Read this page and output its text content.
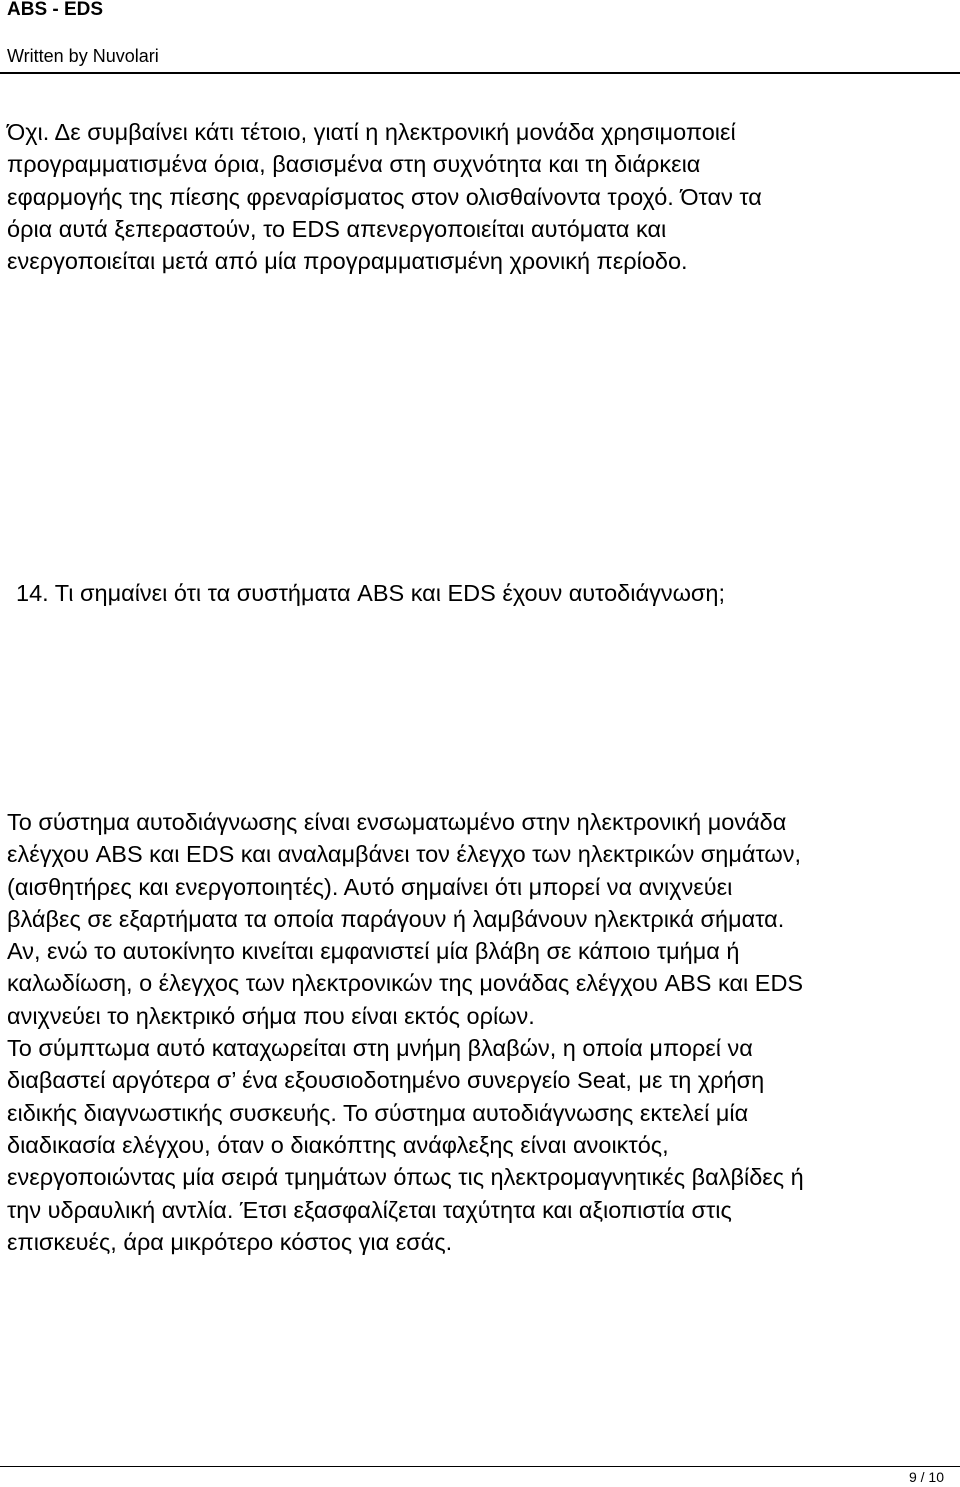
ABS - EDS
Written by Nuvolari
Όχι. Δε συμβαίνει κάτι τέτοιο, γιατί η ηλεκτρονική μονάδα χρησιμοποιεί
προγραμματισμένα όρια, βασισμένα στη συχνότητα και τη διάρκεια
εφαρμογής της πίεσης φρεναρίσματος στον ολισθαίνοντα τροχό. Όταν τα
όρια αυτά ξεπεραστούν, το EDS απενεργοποιείται αυτόματα και
ενεργοποιείται μετά από μία προγραμματισμένη χρονική περίοδο.
14. Τι σημαίνει ότι τα συστήματα ABS και EDS έχουν αυτοδιάγνωση;
Το σύστημα αυτοδιάγνωσης είναι ενσωματωμένο στην ηλεκτρονική μονάδα
ελέγχου ABS και EDS και αναλαμβάνει τον έλεγχο των ηλεκτρικών σημάτων,
(αισθητήρες και ενεργοποιητές). Αυτό σημαίνει ότι μπορεί να ανιχνεύει
βλάβες σε εξαρτήματα τα οποία παράγουν ή λαμβάνουν ηλεκτρικά σήματα.
Αν, ενώ το αυτοκίνητο κινείται εμφανιστεί μία βλάβη σε κάποιο τμήμα ή
καλωδίωση, ο έλεγχος των ηλεκτρονικών της μονάδας ελέγχου ABS και EDS
ανιχνεύει το ηλεκτρικό σήμα που είναι εκτός ορίων.
Το σύμπτωμα αυτό καταχωρείται στη μνήμη βλαβών, η οποία μπορεί να
διαβαστεί αργότερα σ’ ένα εξουσιοδοτημένο συνεργείο Seat, με τη χρήση
ειδικής διαγνωστικής συσκευής. Το σύστημα αυτοδιάγνωσης εκτελεί μία
διαδικασία ελέγχου, όταν ο διακόπτης ανάφλεξης είναι ανοικτός,
ενεργοποιώντας μία σειρά τμημάτων όπως τις ηλεκτρομαγνητικές βαλβίδες ή
την υδραυλική αντλία. Έτσι εξασφαλίζεται ταχύτητα και αξιοπιστία στις
επισκευές, άρα μικρότερο κόστος για εσάς.
9 / 10
